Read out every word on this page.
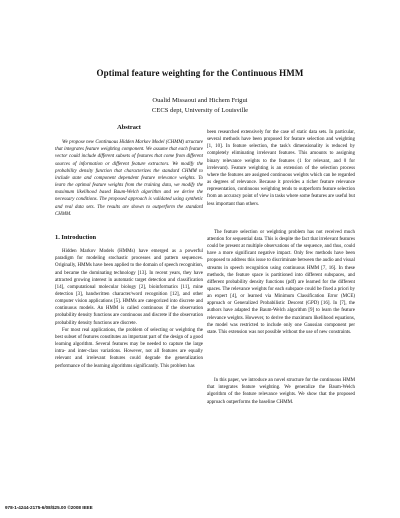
Optimal feature weighting for the Continuous HMM
Oualid Missaoui and Hichem Frigui
CECS dept, University of Louisville
Abstract

We propose new Continuous Hidden Markov Model (CHMM) structure that integrates feature weighting component. We assume that each feature vector could include different subsets of features that come from different sources of information or different feature extractors. We modify the probability density function that characterizes the standard CHMM to include state and component dependent feature relevance weights. To learn the optimal feature weights from the training data, we modify the maximum likelihood based Baum-Welch algorithm and we derive the necessary conditions. The proposed approach is validated using synthetic and real data sets. The results are shown to outperform the standard CHMM.

1. Introduction

Hidden Markov Models (HMMs) have emerged as a powerful paradigm for modeling stochastic processes and pattern sequences. Originally, HMMs have been applied to the domain of speech recognition, and became the dominating technology [13]. In recent years, they have attracted growing interest in automatic target detection and classification [14], computational molecular biology [2], bioinformatics [11], mine detection [3], handwritten character/word recognition [12], and other computer vision applications [5]. HMMs are categorized into discrete and continuous models. An HMM is called continuous if the observation probability density functions are continuous and discrete if the observation probability density functions are discrete.

For most real applications, the problem of selecting or weighting the best subset of features constitutes an important part of the design of a good learning algorithm. Several features may be needed to capture the large intra- and inter-class variations. However, not all features are equally relevant and irrelevant features could degrade the generalization performance of the learning algorithms significantly. This problem has

been researched extensively for the case of static data sets. In particular, several methods have been proposed for feature selection and weighting [1, 10]. In feature selection, the task's dimensionality is reduced by completely eliminating irrelevant features. This amounts to assigning binary relevance weights to the features (1 for relevant, and 0 for irrelevant). Feature weighting is an extension of the selection process where the features are assigned continuous weights which can be regarded as degrees of relevance. Because it provides a richer feature relevance representation, continuous weighting tends to outperform feature selection from an accuracy point of view in tasks where some features are useful but less important than others.

The feature selection or weighting problem has not received much attention for sequential data. This is despite the fact that irrelevant features could be present at multiple observations of the sequence, and thus, could have a more significant negative impact. Only few methods have been proposed to address this issue to discriminate between the audio and visual streams in speech recognition using continuous HMM [7, 16]. In these methods, the feature space is partitioned into different subspaces, and different probability density functions (pdf) are learned for the different spaces. The relevance weights for each subspace could be fixed a priori by an expert [4], or learned via Minimum Classification Error (MCE) approach or Generalized Probabilistic Descent (GPD) [16]. In [7], the authors have adapted the Baum-Welch algorithm [9] to learn the feature relevance weights. However, to derive the maximum likelihood equations, the model was restricted to include only one Gaussian component per state. This extension was not possible without the use of new constraints.

In this paper, we introduce an novel structure for the continuous HMM that integrates feature weighting. We generalize the Baum-Welch algorithm of the feature relevance weights. We show that the proposed approach outperforms the baseline CHMM.

978-1-4244-2175-6/08/$25.00 ©2008 IEEE
